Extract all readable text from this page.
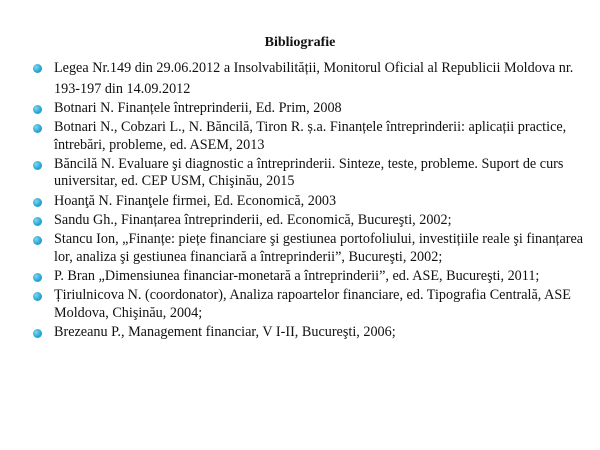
Bibliografie
Legea Nr.149 din 29.06.2012 a Insolvabilității, Monitorul Oficial al Republicii Moldova nr. 193-197 din 14.09.2012
Botnari N. Finanțele întreprinderii, Ed. Prim, 2008
Botnari N., Cobzari L., N. Băncilă, Tiron R. ș.a. Finanțele întreprinderii: aplicații practice, întrebări, probleme, ed. ASEM, 2013
Băncilă N. Evaluare şi diagnostic a întreprinderii. Sinteze, teste, probleme. Suport de curs universitar, ed. CEP USM, Chişinău, 2015
Hoanţă N. Finanţele firmei, Ed. Economică, 2003
Sandu Gh., Finanțarea întreprinderii, ed. Economică, Bucureşti, 2002;
Stancu Ion, „Finanțe: piețe financiare şi gestiunea portofoliului, investițiile reale şi finanțarea lor, analiza şi gestiunea financiară a întreprinderii”, Bucureşti, 2002;
P. Bran „Dimensiunea financiar-monetară a întreprinderii”, ed. ASE, Bucureşti, 2011;
Țiriulnicova N. (coordonator), Analiza rapoartelor financiare, ed. Tipografia Centrală, ASE Moldova, Chişinău, 2004;
Brezeanu P., Management financiar, V I-II, Bucureşti, 2006;
